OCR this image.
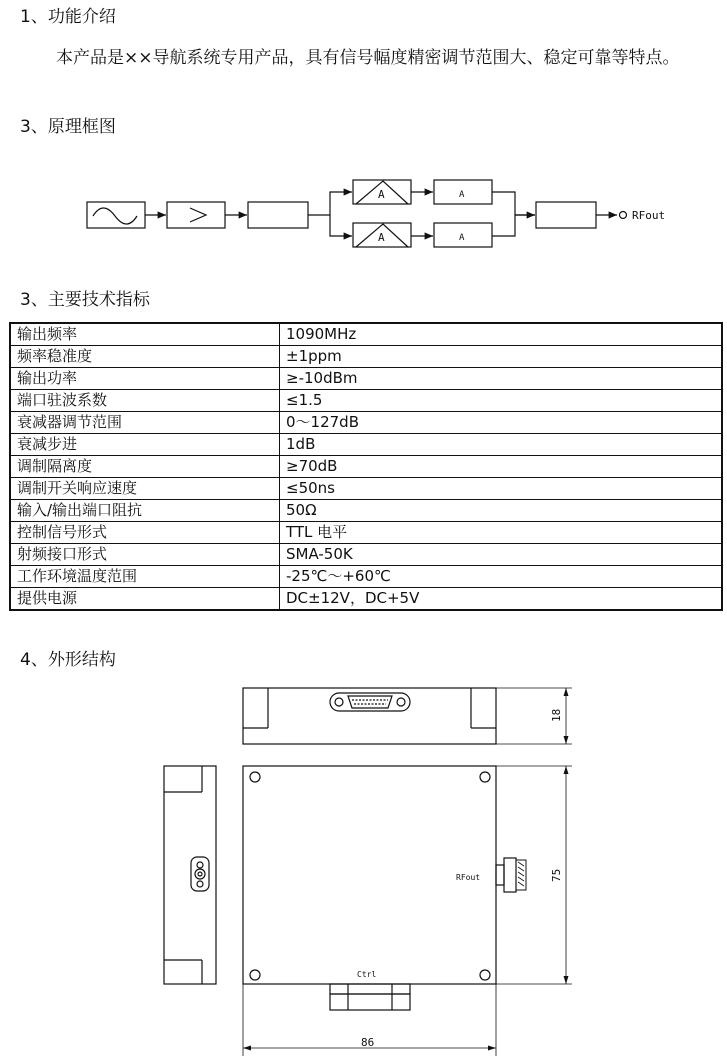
1、功能介绍

本产品是××导航系统专用产品，具有信号幅度精密调节范围大、稳定可靠等特点。

3、原理框图
A	A
A	A
RFout
3、主要技术指标
输出频率	1090MHz
频率稳准度	±1ppm
输出功率	≥-10dBm
端口驻波系数	≤1.5
衰减器调节范围	0～127dB
衰减步进	1dB
调制隔离度	≥70dB
调制开关响应速度	≤50ns
输入/输出端口阻抗	50Ω
控制信号形式	TTL 电平
射频接口形式	SMA-50K
工作环境温度范围	-25℃～+60℃
提供电源	DC±12V，DC+5V
4、外形结构
18
75
86
RFout
Ctrl
